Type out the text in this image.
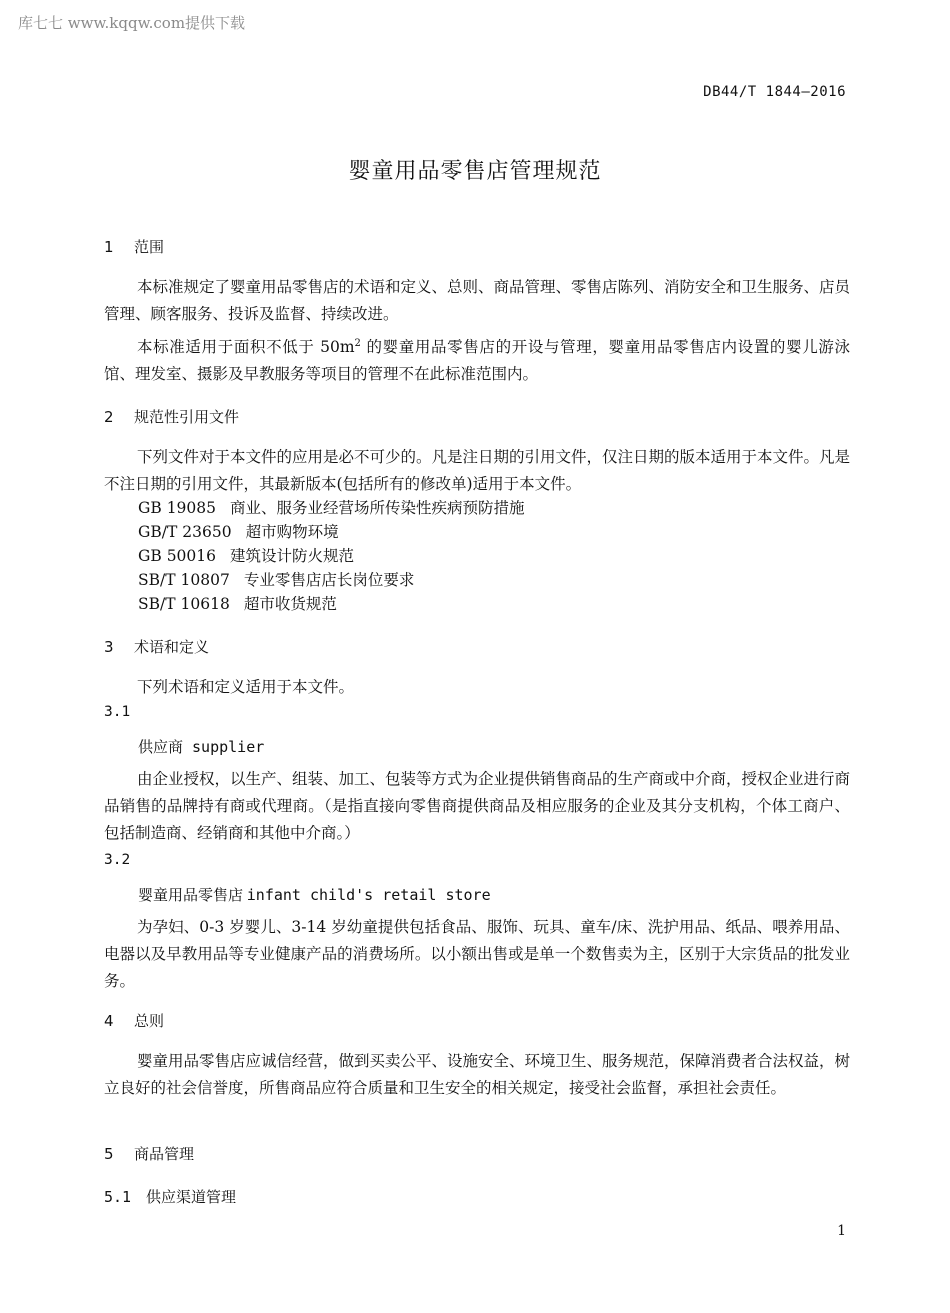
库七七 www.kqqw.com提供下载
DB44/T 1844—2016
婴童用品零售店管理规范
1 范围
本标准规定了婴童用品零售店的术语和定义、总则、商品管理、零售店陈列、消防安全和卫生服务、店员管理、顾客服务、投诉及监督、持续改进。
本标准适用于面积不低于 $50m^2$ 的婴童用品零售店的开设与管理，婴童用品零售店内设置的婴儿游泳馆、理发室、摄影及早教服务等项目的管理不在此标准范围内。
2 规范性引用文件
下列文件对于本文件的应用是必不可少的。凡是注日期的引用文件，仅注日期的版本适用于本文件。凡是不注日期的引用文件，其最新版本(包括所有的修改单)适用于本文件。
GB 19085 商业、服务业经营场所传染性疾病预防措施
GB/T 23650 超市购物环境
GB 50016 建筑设计防火规范
SB/T 10807 专业零售店店长岗位要求
SB/T 10618 超市收货规范
3 术语和定义
下列术语和定义适用于本文件。
3.1
供应商 supplier
由企业授权，以生产、组装、加工、包装等方式为企业提供销售商品的生产商或中介商，授权企业进行商品销售的品牌持有商或代理商。（是指直接向零售商提供商品及相应服务的企业及其分支机构，个体工商户、包括制造商、经销商和其他中介商。）
3.2
婴童用品零售店 infant child's retail store
为孕妇、0-3 岁婴儿、3-14 岁幼童提供包括食品、服饰、玩具、童车/床、洗护用品、纸品、喂养用品、电器以及早教用品等专业健康产品的消费场所。以小额出售或是单一个数售卖为主，区别于大宗货品的批发业务。
4 总则
婴童用品零售店应诚信经营，做到买卖公平、设施安全、环境卫生、服务规范，保障消费者合法权益，树立良好的社会信誉度，所售商品应符合质量和卫生安全的相关规定，接受社会监督，承担社会责任。
5 商品管理
5.1 供应渠道管理
1
